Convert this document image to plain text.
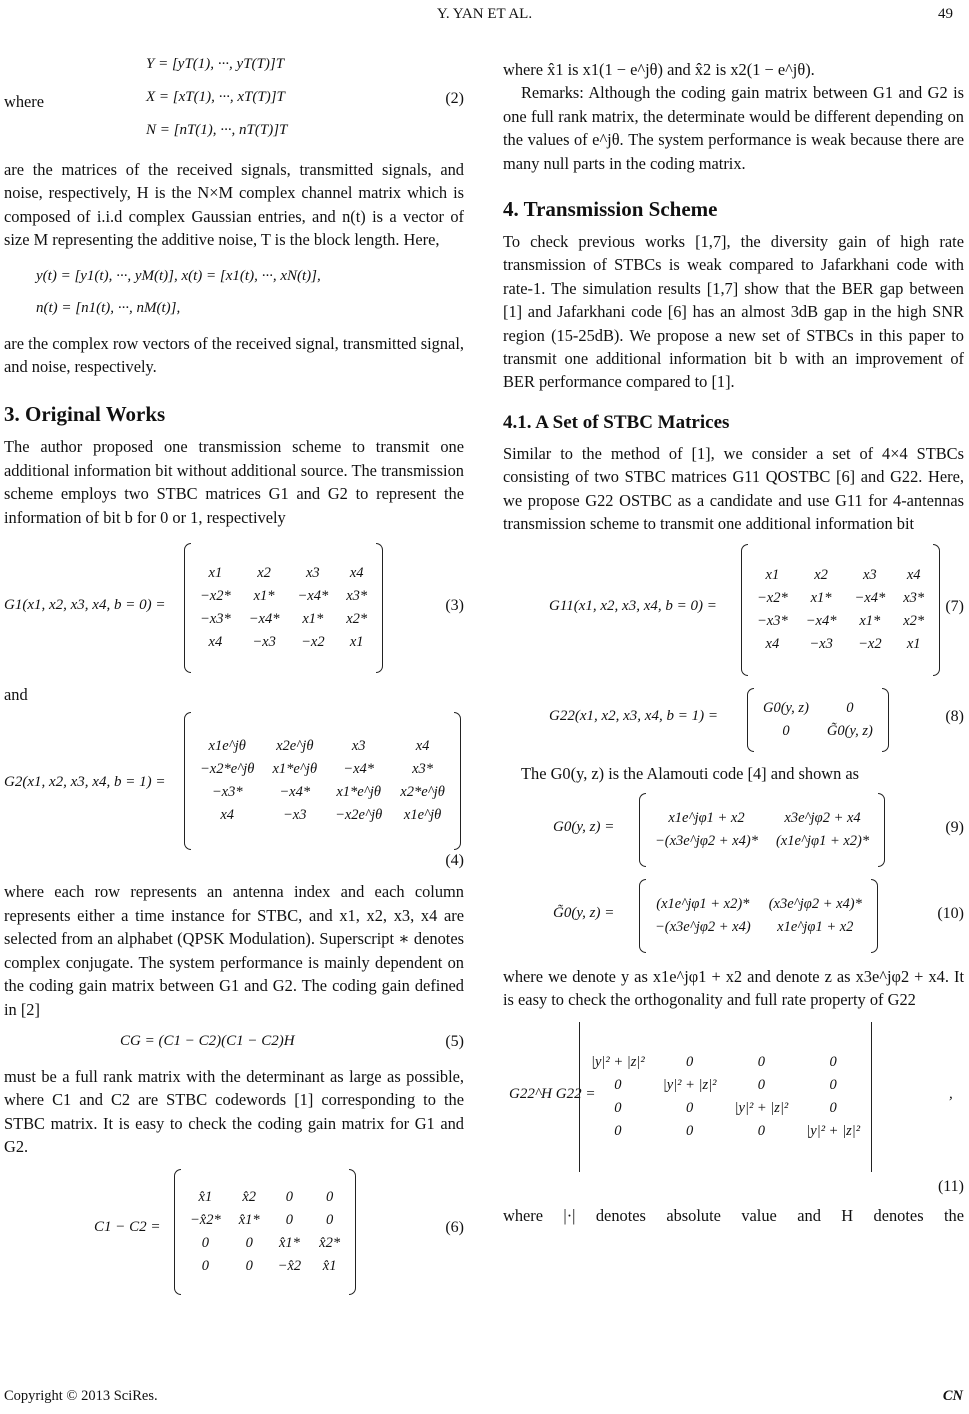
Y. YAN ET AL.	49
where
Y = [yT(1), ···, yT(T)]T
X = [xT(1), ···, xT(T)]T
N = [nT(1), ···, nT(T)]T
(2)

are the matrices of the received signals, transmitted signals, and noise, respectively, H is the N×M complex channel matrix which is composed of i.i.d complex Gaussian entries, and n(t) is a vector of size M representing the additive noise, T is the block length. Here,

y(t) = [y1(t), ···, yM(t)], x(t) = [x1(t), ···, xN(t)],
n(t) = [n1(t), ···, nM(t)],

are the complex row vectors of the received signal, transmitted signal, and noise, respectively.

3. Original Works

The author proposed one transmission scheme to transmit one additional information bit without additional source. The transmission scheme employs two STBC matrices G1 and G2 to represent the information of bit b for 0 or 1, respectively

G1(x1, x2, x3, x4, b = 0) =
x1	x2	x3	x4
−x2*	x1*	−x4*	x3*
−x3*	−x4*	x1*	x2*
x4	−x3	−x2	x1
(3)
and
G2(x1, x2, x3, x4, b = 1) =
x1e^jθ	x2e^jθ	x3	x4
−x2*e^jθ	x1*e^jθ	−x4*	x3*
−x3*	−x4*	x1*e^jθ	x2*e^jθ
x4	−x3	−x2e^jθ	x1e^jθ
(4)

where each row represents an antenna index and each column represents either a time instance for STBC, and x1, x2, x3, x4 are selected from an alphabet (QPSK Modulation). Superscript ∗ denotes complex conjugate. The system performance is mainly dependent on the coding gain matrix between G1 and G2. The coding gain defined in [2]

CG = (C1 − C2)(C1 − C2)H	(5)

must be a full rank matrix with the determinant as large as possible, where C1 and C2 are STBC codewords [1] corresponding to the STBC matrix. It is easy to check the coding gain matrix for G1 and G2.

C1 − C2 =
x̂1	x̂2	0	0
−x̂2*	x̂1*	0	0
0	0	x̂1*	x̂2*
0	0	−x̂2	x̂1
(6)

where x̂1 is x1(1 − e^jθ) and x̂2 is x2(1 − e^jθ).

Remarks: Although the coding gain matrix between G1 and G2 is one full rank matrix, the determinate would be different depending on the values of e^jθ. The system performance is weak because there are many null parts in the coding matrix.

4. Transmission Scheme

To check previous works [1,7], the diversity gain of high rate transmission of STBCs is weak compared to Jafarkhani code with rate-1. The simulation results [1,7] show that the BER gap between [1] and Jafarkhani code [6] has an almost 3dB gap in the high SNR region (15-25dB). We propose a new set of STBCs in this paper to transmit one additional information bit b with an improvement of BER performance compared to [1].

4.1. A Set of STBC Matrices

Similar to the method of [1], we consider a set of 4×4 STBCs consisting of two STBC matrices G11 QOSTBC [6] and G22. Here, we propose G22 OSTBC as a candidate and use G11 for 4-antennas transmission scheme to transmit one additional information bit

G11(x1, x2, x3, x4, b = 0) =
x1	x2	x3	x4
−x2*	x1*	−x4*	x3*
−x3*	−x4*	x1*	x2*
x4	−x3	−x2	x1
(7)
G22(x1, x2, x3, x4, b = 1) =	G0(y, z)	0
0	G̃0(y, z)
(8)

The G0(y, z) is the Alamouti code [4] and shown as

G0(y, z) =
x1e^jφ1 + x2	x3e^jφ2 + x4
−(x3e^jφ2 + x4)*	(x1e^jφ1 + x2)*
(9)
G̃0(y, z) =
(x1e^jφ1 + x2)*	(x3e^jφ2 + x4)*
−(x3e^jφ2 + x4)	x1e^jφ1 + x2
(10)

where we denote y as x1e^jφ1 + x2 and denote z as x3e^jφ2 + x4. It is easy to check the orthogonality and full rate property of G22

G22^H G22 =
|y|² + |z|²	0	0	0
0	|y|² + |z|²	0	0
0	0	|y|² + |z|²	0
0	0	0	|y|² + |z|²
,
(11)

where |·| denotes absolute value and H denotes the

Copyright © 2013 SciRes.	CN
